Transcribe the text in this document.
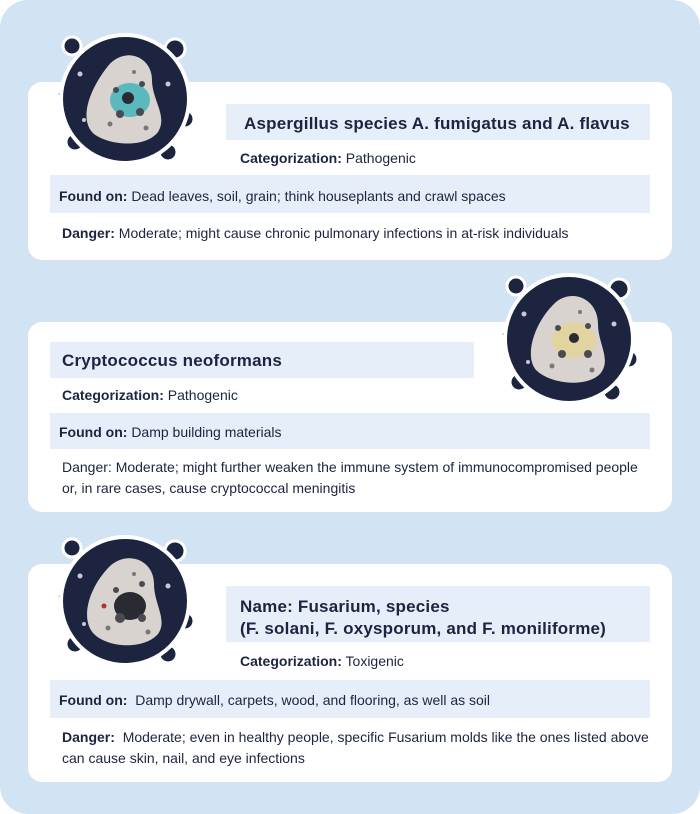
Aspergillus species A. fumigatus and A. flavus
Categorization: Pathogenic
Found on: Dead leaves, soil, grain; think houseplants and crawl spaces
Danger: Moderate; might cause chronic pulmonary infections in at-risk individuals
Cryptococcus neoformans
Categorization: Pathogenic
Found on: Damp building materials
Danger: Moderate; might further weaken the immune system of immunocompromised people or, in rare cases, cause cryptococcal meningitis
Name: Fusarium, species
(F. solani, F. oxysporum, and F. moniliforme)
Categorization: Toxigenic
Found on: Damp drywall, carpets, wood, and flooring, as well as soil
Danger: Moderate; even in healthy people, specific Fusarium molds like the ones listed above can cause skin, nail, and eye infections
